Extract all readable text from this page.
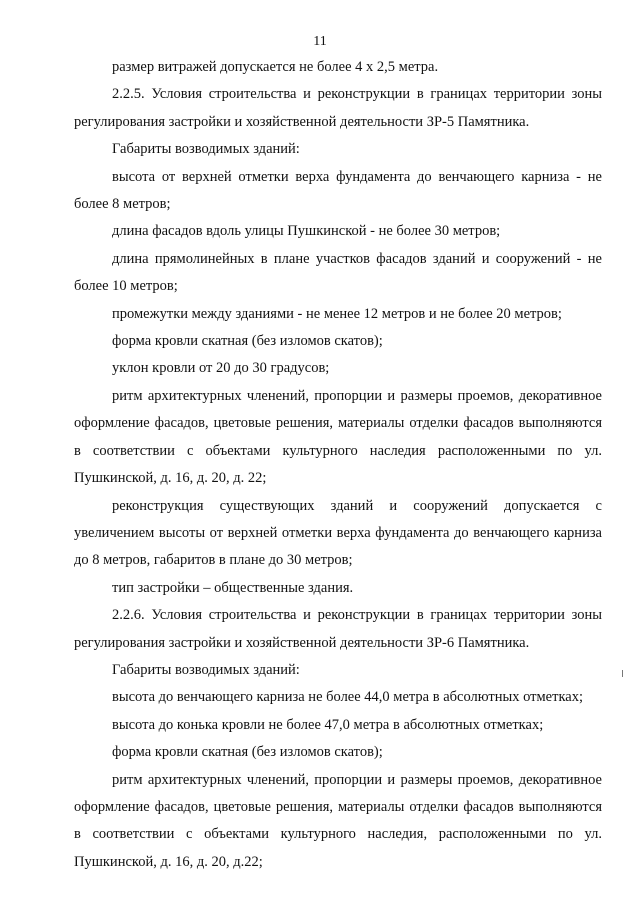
11

размер витражей допускается не более 4 х 2,5 метра.

2.2.5. Условия строительства и реконструкции в границах территории зоны регулирования застройки и хозяйственной деятельности ЗР-5 Памятника.

Габариты возводимых зданий:

высота от верхней отметки верха фундамента до венчающего карниза - не более 8 метров;

длина фасадов вдоль улицы Пушкинской - не более 30 метров;

длина прямолинейных в плане участков фасадов зданий и сооружений - не более 10 метров;

промежутки между зданиями - не менее 12 метров и не более 20 метров;

форма кровли скатная (без изломов скатов);

уклон кровли от 20 до 30 градусов;

ритм архитектурных членений, пропорции и размеры проемов, декоративное оформление фасадов, цветовые решения, материалы отделки фасадов выполняются в соответствии с объектами культурного наследия расположенными по ул. Пушкинской, д. 16, д. 20, д. 22;

реконструкция существующих зданий и сооружений допускается с увеличением высоты от верхней отметки верха фундамента до венчающего карниза до 8 метров, габаритов в плане до 30 метров;

тип застройки – общественные здания.

2.2.6. Условия строительства и реконструкции в границах территории зоны регулирования застройки и хозяйственной деятельности ЗР-6 Памятника.

Габариты возводимых зданий:

высота до венчающего карниза не более 44,0 метра в абсолютных отметках;

высота до конька кровли не более 47,0 метра в абсолютных отметках;

форма кровли скатная (без изломов скатов);

ритм архитектурных членений, пропорции и размеры проемов, декоративное оформление фасадов, цветовые решения, материалы отделки фасадов выполняются в соответствии с объектами культурного наследия, расположенными по ул. Пушкинской, д. 16, д. 20, д.22;
